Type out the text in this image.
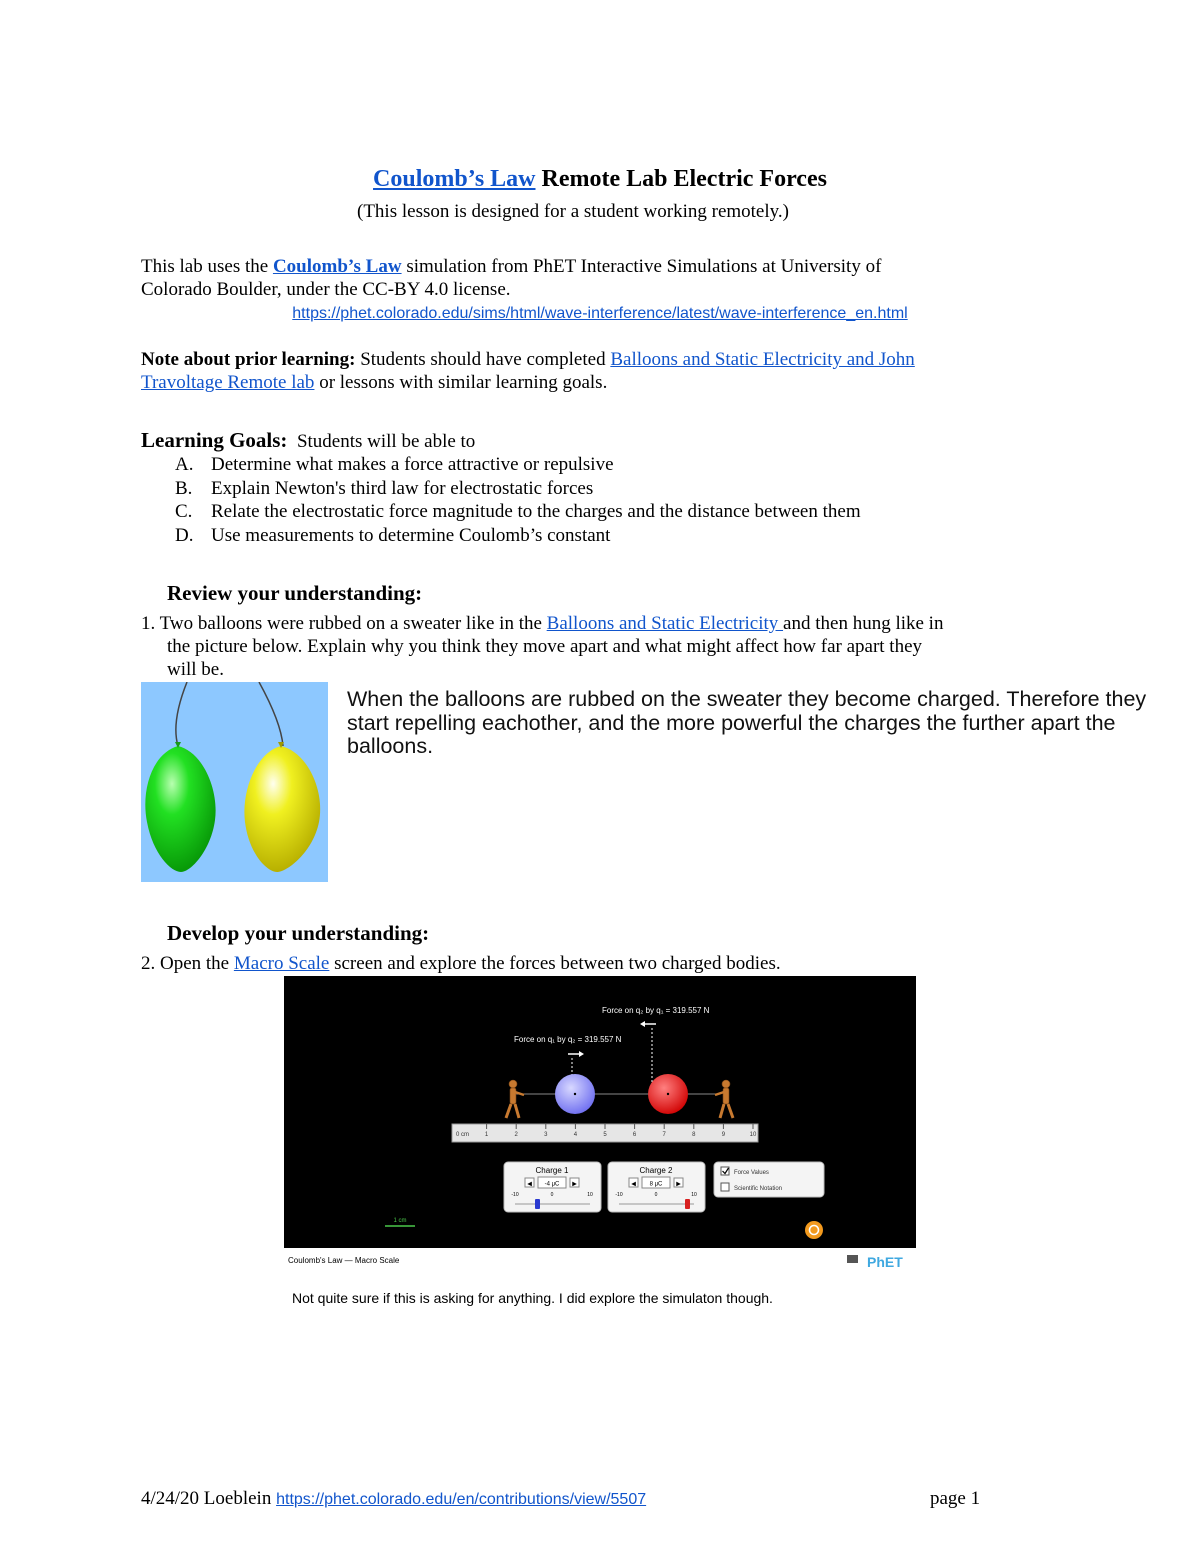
Coulomb’s Law Remote Lab Electric Forces
(This lesson is designed for a student working remotely.)
This lab uses the Coulomb’s Law simulation from PhET Interactive Simulations at University of
Colorado Boulder, under the CC-BY 4.0 license.
https://phet.colorado.edu/sims/html/wave-interference/latest/wave-interference_en.html
Note about prior learning: Students should have completed Balloons and Static Electricity and John
Travoltage Remote lab or lessons with similar learning goals.
Learning Goals:  Students will be able to
A. Determine what makes a force attractive or repulsive
B. Explain Newton's third law for electrostatic forces
C. Relate the electrostatic force magnitude to the charges and the distance between them
D. Use measurements to determine Coulomb’s constant
Review your understanding:
1. Two balloons were rubbed on a sweater like in the Balloons and Static Electricity and then hung like in
the picture below. Explain why you think they move apart and what might affect how far apart they
will be.
When the balloons are rubbed on the sweater they become charged. Therefore they start repelling eachother, and the more powerful the charges the further apart the balloons.
Develop your understanding:
2. Open the Macro Scale screen and explore the forces between two charged bodies.
Force on q₂ by q₁ = 319.557 N
Force on q₁ by q₂ = 319.557 N
0 cm	1	2	3	4	5	6	7	8	9	10
Charge 1
◀ -4 μC ▶
-10	0	10
Charge 2
◀ 8 μC ▶
-10	0	10
Force Values
Scientific Notation
1 cm
Coulomb's Law — Macro Scale	PhET
Not quite sure if this is asking for anything. I did explore the simulaton though.
4/24/20 Loeblein https://phet.colorado.edu/en/contributions/view/5507	page 1
